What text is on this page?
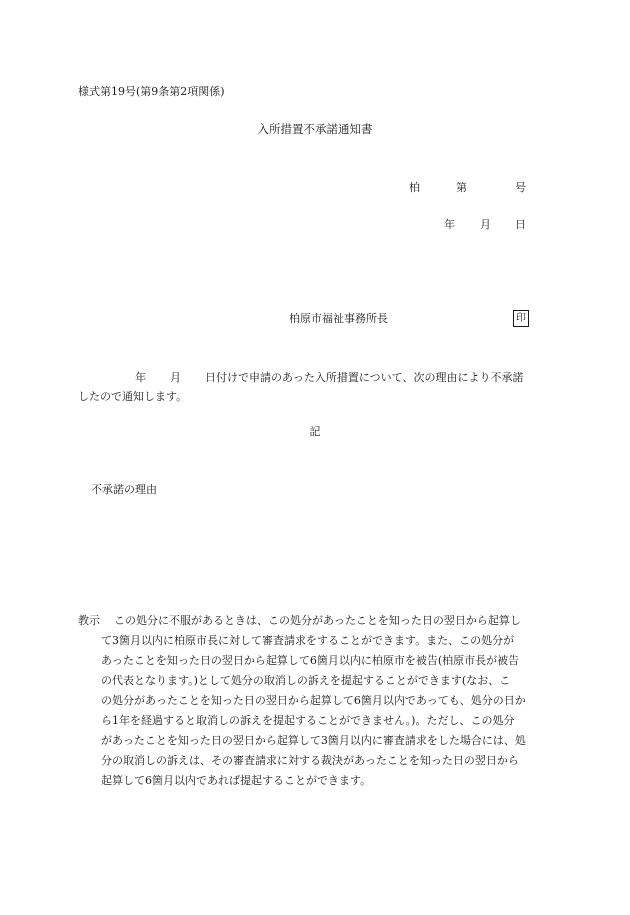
様式第19号(第9条第2項関係)
入所措置不承諾通知書
柏	第	号
年 月 日
柏原市福祉事務所長	印
年 月 日付けで申請のあった入所措置について、次の理由により不承諾
したので通知します。
記
不承諾の理由
教示 この処分に不服があるときは、この処分があったことを知った日の翌日から起算し
て3箇月以内に柏原市長に対して審査請求をすることができます。また、この処分が
あったことを知った日の翌日から起算して6箇月以内に柏原市を被告(柏原市長が被告
の代表となります。)として処分の取消しの訴えを提起することができます(なお、こ
の処分があったことを知った日の翌日から起算して6箇月以内であっても、処分の日か
ら1年を経過すると取消しの訴えを提起することができません。)。ただし、この処分
があったことを知った日の翌日から起算して3箇月以内に審査請求をした場合には、処
分の取消しの訴えは、その審査請求に対する裁決があったことを知った日の翌日から
起算して6箇月以内であれば提起することができます。
